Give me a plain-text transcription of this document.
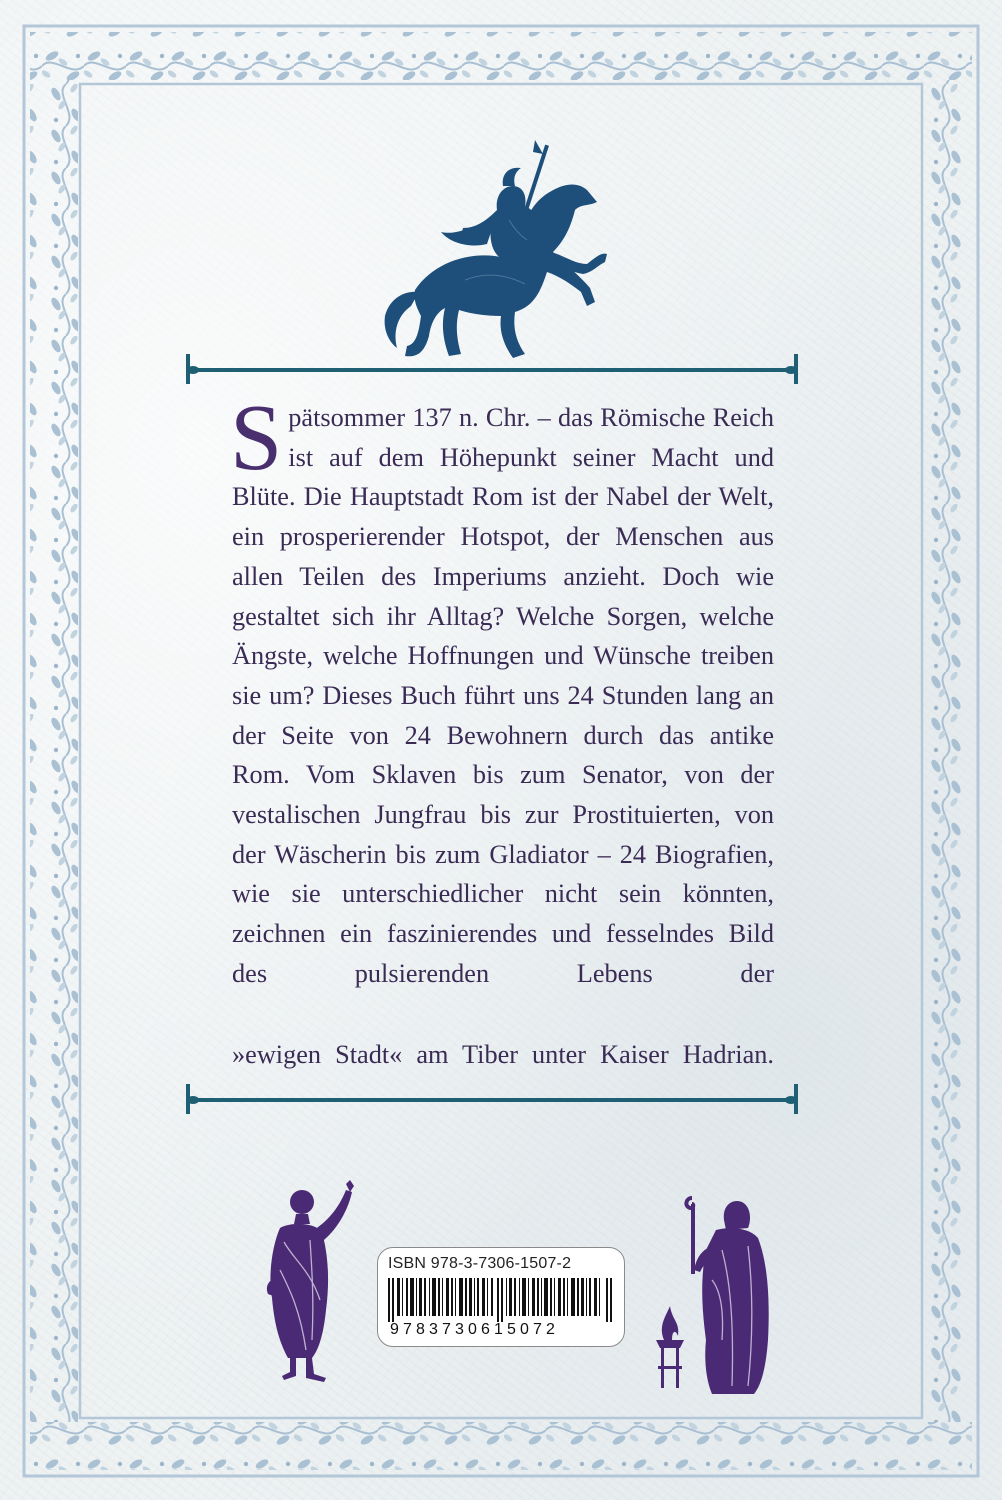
Spätsommer 137 n. Chr. – das Römische Reich ist auf dem Höhepunkt seiner Macht und Blüte. Die Hauptstadt Rom ist der Nabel der Welt, ein prosperierender Hotspot, der Menschen aus allen Teilen des Imperiums anzieht. Doch wie gestaltet sich ihr Alltag? Welche Sorgen, welche Ängste, welche Hoffnungen und Wünsche treiben sie um? Dieses Buch führt uns 24 Stunden lang an der Seite von 24 Bewohnern durch das antike Rom. Vom Sklaven bis zum Senator, von der vestalischen Jungfrau bis zur Prostituierten, von der Wäscherin bis zum Gladiator – 24 Biografien, wie sie unterschiedlicher nicht sein könnten, zeichnen ein faszinierendes und fesselndes Bild des pulsierenden Lebens der

»ewigen Stadt« am Tiber unter Kaiser Hadrian.

ISBN 978-3-7306-1507-2
9783730615072
